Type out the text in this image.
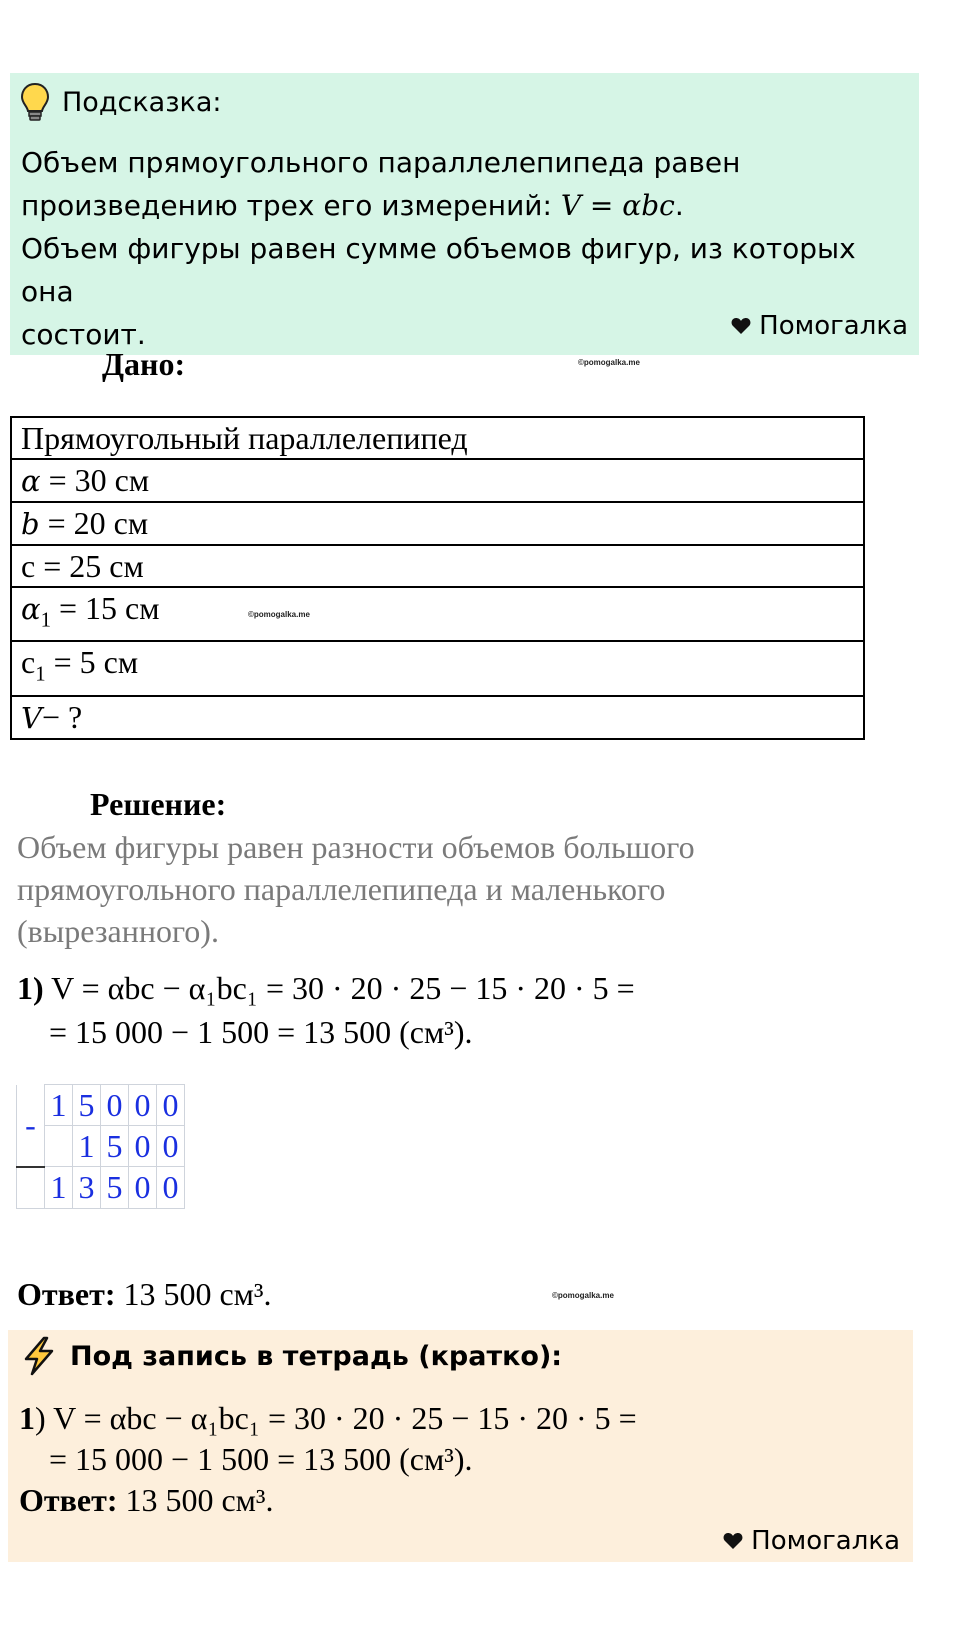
Подсказка:
Объем прямоугольного параллелепипеда равен
произведению трех его измерений: V = αbc.
Объем фигуры равен сумме объемов фигур, из которых она
состоит.	Помогалка
Дано:	©pomogalka.me
Прямоугольный параллелепипед
α = 30 см
b = 20 см
c = 25 см
$\alpha_1 = 15$ см	©pomogalka.me

$c_1 = 5$ см
V− ?
Решение:
Объем фигуры равен разности объемов большого
прямоугольного параллелепипеда и маленького
(вырезанного).
1) V = αbc − α₁bc₁ = 30 · 20 · 25 − 15 · 20 · 5 =
= 15 000 − 1 500 = 13 500 (см³).
-	1	5	0	0	0
		1	5	0	0
	1	3	5	0	0
Ответ: 13 500 см³.	©pomogalka.me
Под запись в тетрадь (кратко):
1) V = αbc − α₁bc₁ = 30 · 20 · 25 − 15 · 20 · 5 =
= 15 000 − 1 500 = 13 500 (см³).
Ответ: 13 500 см³.
Помогалка
